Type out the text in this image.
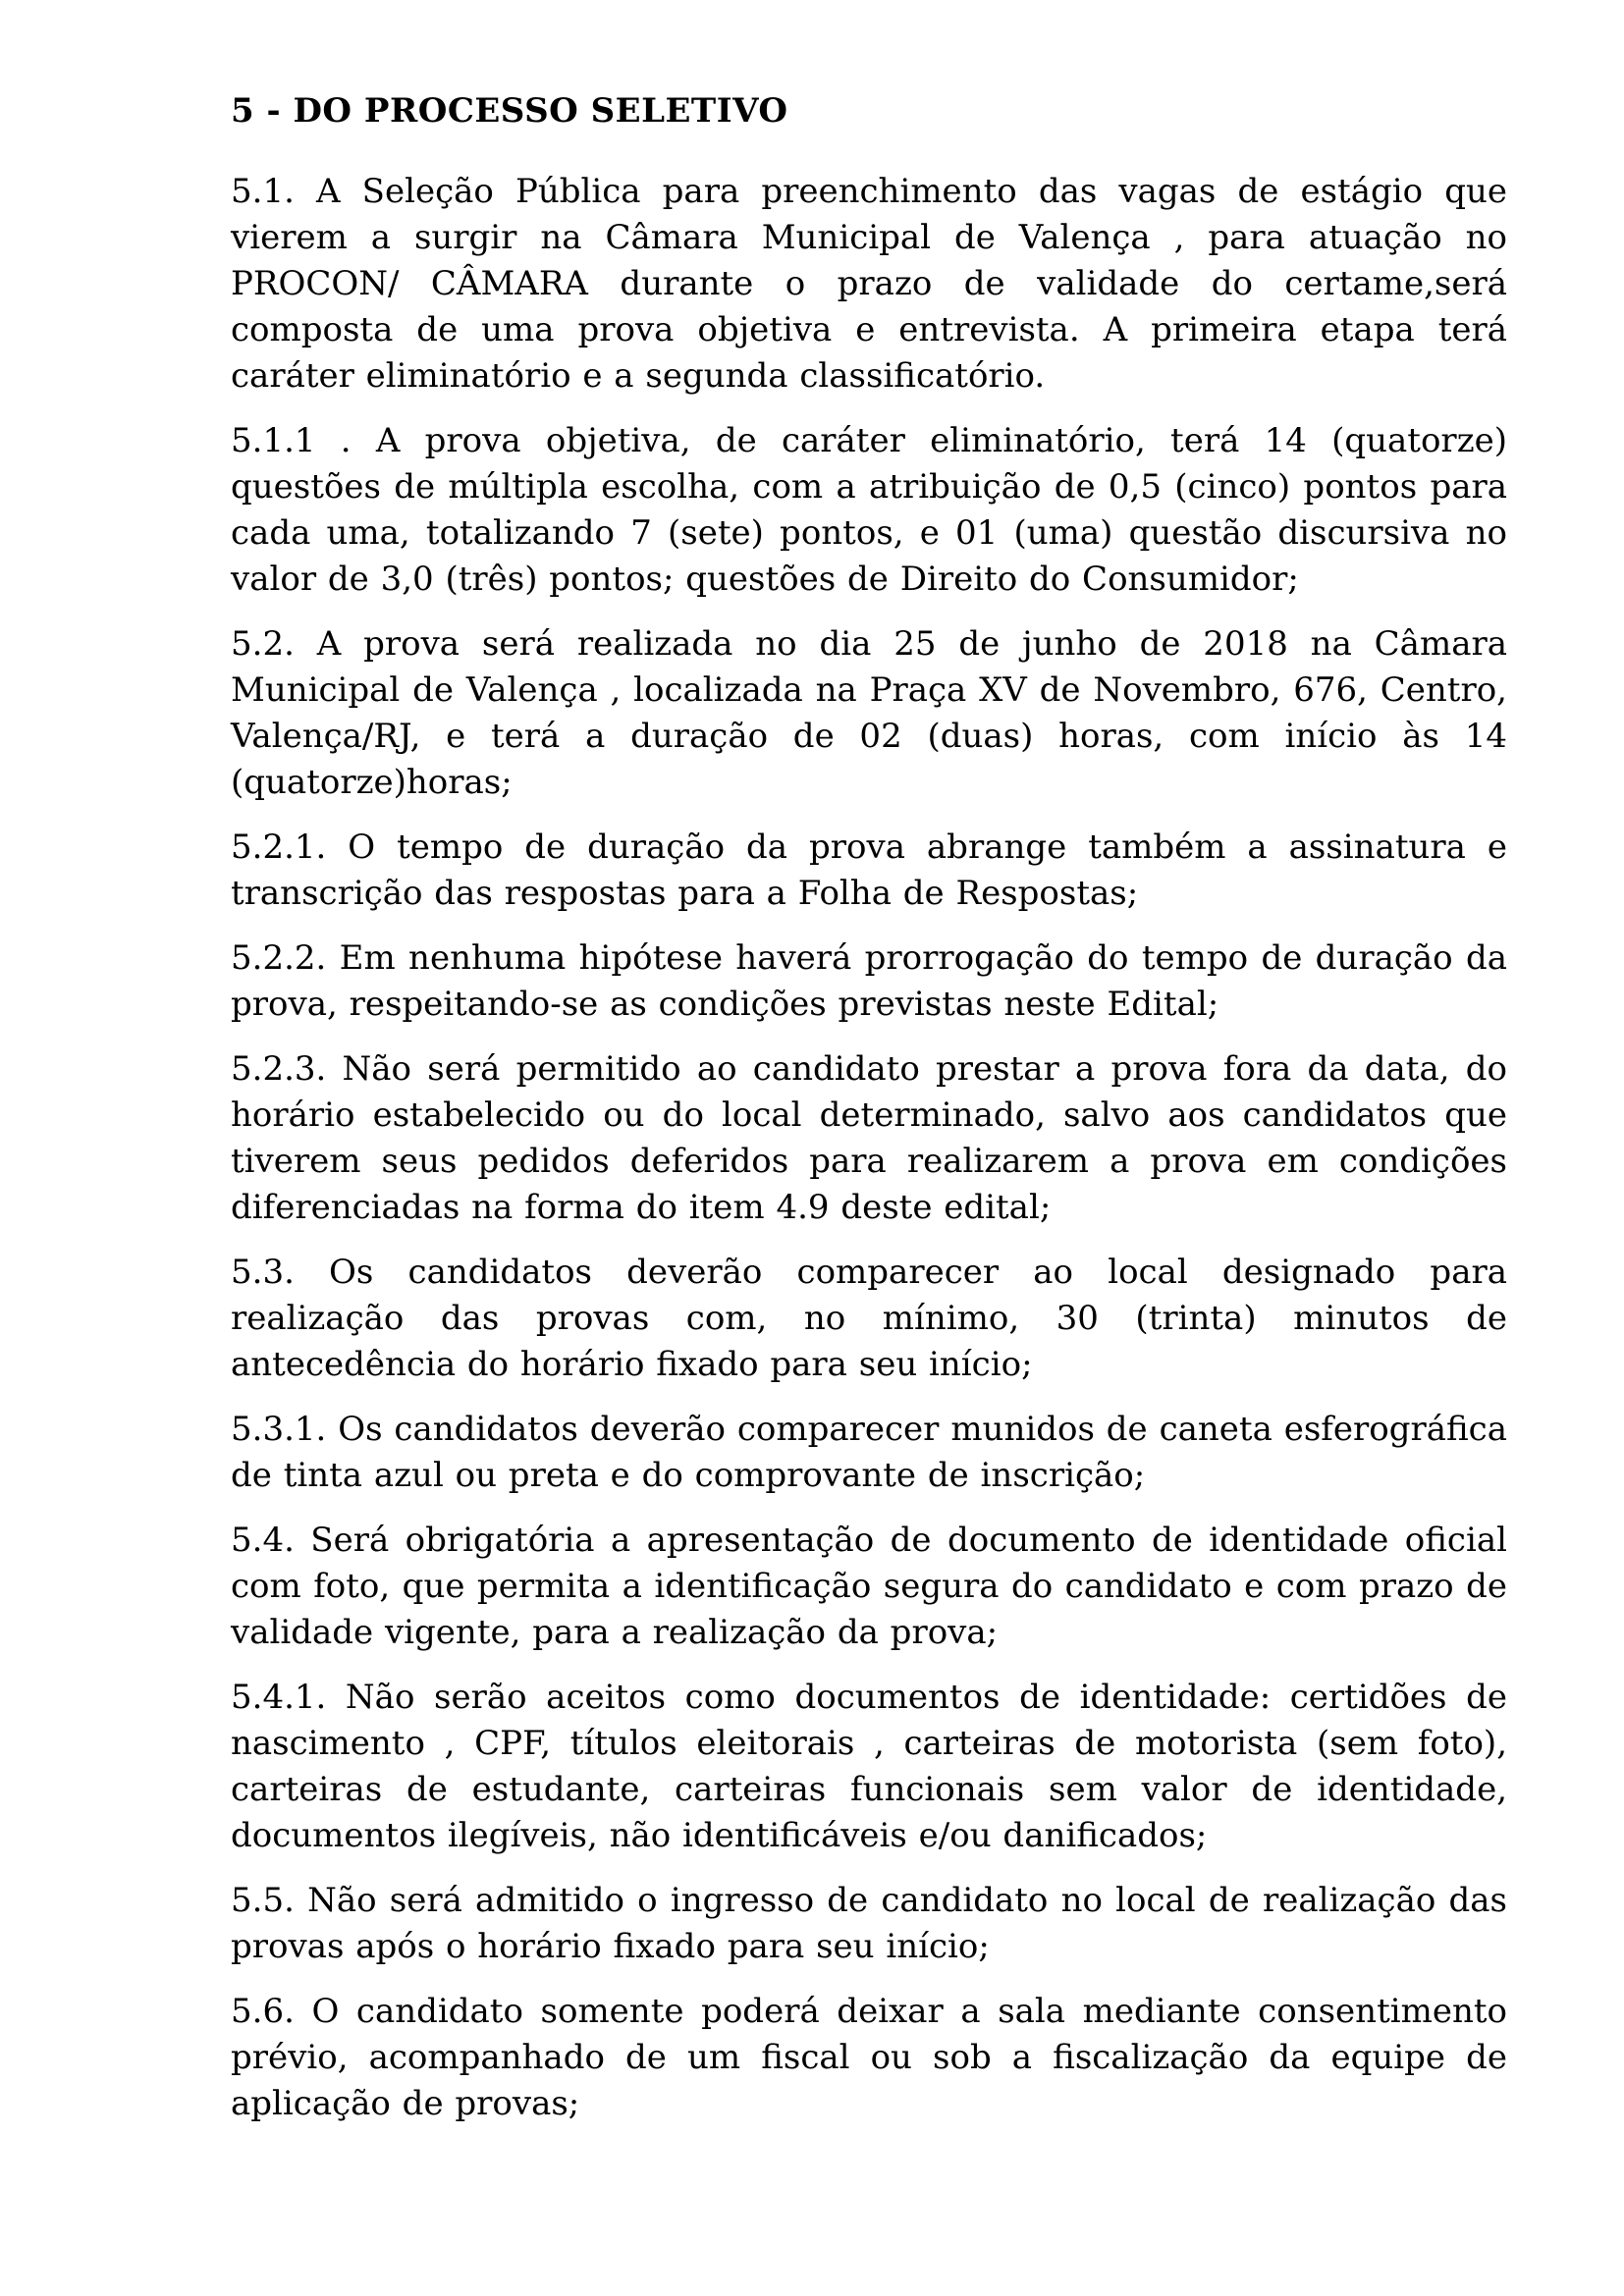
5 - DO PROCESSO SELETIVO

5.1. A Seleção Pública para preenchimento das vagas de estágio que vierem a surgir na Câmara Municipal de Valença , para atuação no PROCON/ CÂMARA durante o prazo de validade do certame,será composta de uma prova objetiva e entrevista. A primeira etapa terá caráter eliminatório e a segunda classificatório.

5.1.1 . A prova objetiva, de caráter eliminatório, terá 14 (quatorze) questões de múltipla escolha, com a atribuição de 0,5 (cinco) pontos para cada uma, totalizando 7 (sete) pontos, e 01 (uma) questão discursiva no valor de 3,0 (três) pontos; questões de Direito do Consumidor;

5.2. A prova será realizada no dia 25 de junho de 2018 na Câmara Municipal de Valença , localizada na Praça XV de Novembro, 676, Centro, Valença/RJ, e terá a duração de 02 (duas) horas, com início às 14 (quatorze)horas;

5.2.1. O tempo de duração da prova abrange também a assinatura e transcrição das respostas para a Folha de Respostas;

5.2.2. Em nenhuma hipótese haverá prorrogação do tempo de duração da prova, respeitando-se as condições previstas neste Edital;

5.2.3. Não será permitido ao candidato prestar a prova fora da data, do horário estabelecido ou do local determinado, salvo aos candidatos que tiverem seus pedidos deferidos para realizarem a prova em condições diferenciadas na forma do item 4.9 deste edital;

5.3. Os candidatos deverão comparecer ao local designado para realização das provas com, no mínimo, 30 (trinta) minutos de antecedência do horário fixado para seu início;

5.3.1. Os candidatos deverão comparecer munidos de caneta esferográfica de tinta azul ou preta e do comprovante de inscrição;

5.4. Será obrigatória a apresentação de documento de identidade oficial com foto, que permita a identificação segura do candidato e com prazo de validade vigente, para a realização da prova;

5.4.1. Não serão aceitos como documentos de identidade: certidões de nascimento , CPF, títulos eleitorais , carteiras de motorista (sem foto), carteiras de estudante, carteiras funcionais sem valor de identidade, documentos ilegíveis, não identificáveis e/ou danificados;

5.5. Não será admitido o ingresso de candidato no local de realização das provas após o horário fixado para seu início;

5.6. O candidato somente poderá deixar a sala mediante consentimento prévio, acompanhado de um fiscal ou sob a fiscalização da equipe de aplicação de provas;
